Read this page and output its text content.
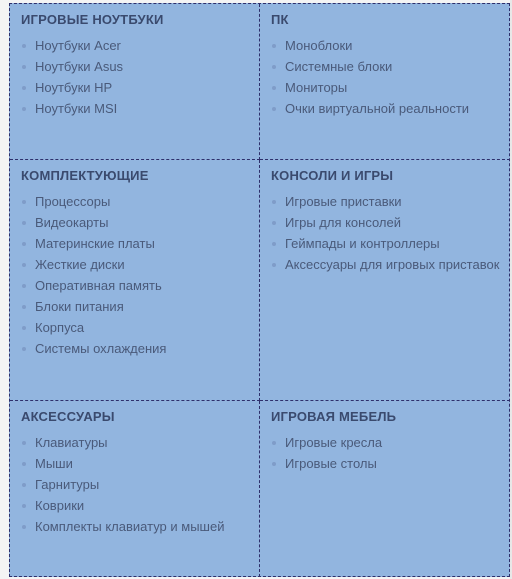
ИГРОВЫЕ НОУТБУКИ
Ноутбуки Acer
Ноутбуки Asus
Ноутбуки HP
Ноутбуки MSI
ПК
Моноблоки
Системные блоки
Мониторы
Очки виртуальной реальности
КОМПЛЕКТУЮЩИЕ
Процессоры
Видеокарты
Материнские платы
Жесткие диски
Оперативная память
Блоки питания
Корпуса
Системы охлаждения
КОНСОЛИ И ИГРЫ
Игровые приставки
Игры для консолей
Геймпады и контроллеры
Аксессуары для игровых приставок
АКСЕССУАРЫ
Клавиатуры
Мыши
Гарнитуры
Коврики
Комплекты клавиатур и мышей
ИГРОВАЯ МЕБЕЛЬ
Игровые кресла
Игровые столы
